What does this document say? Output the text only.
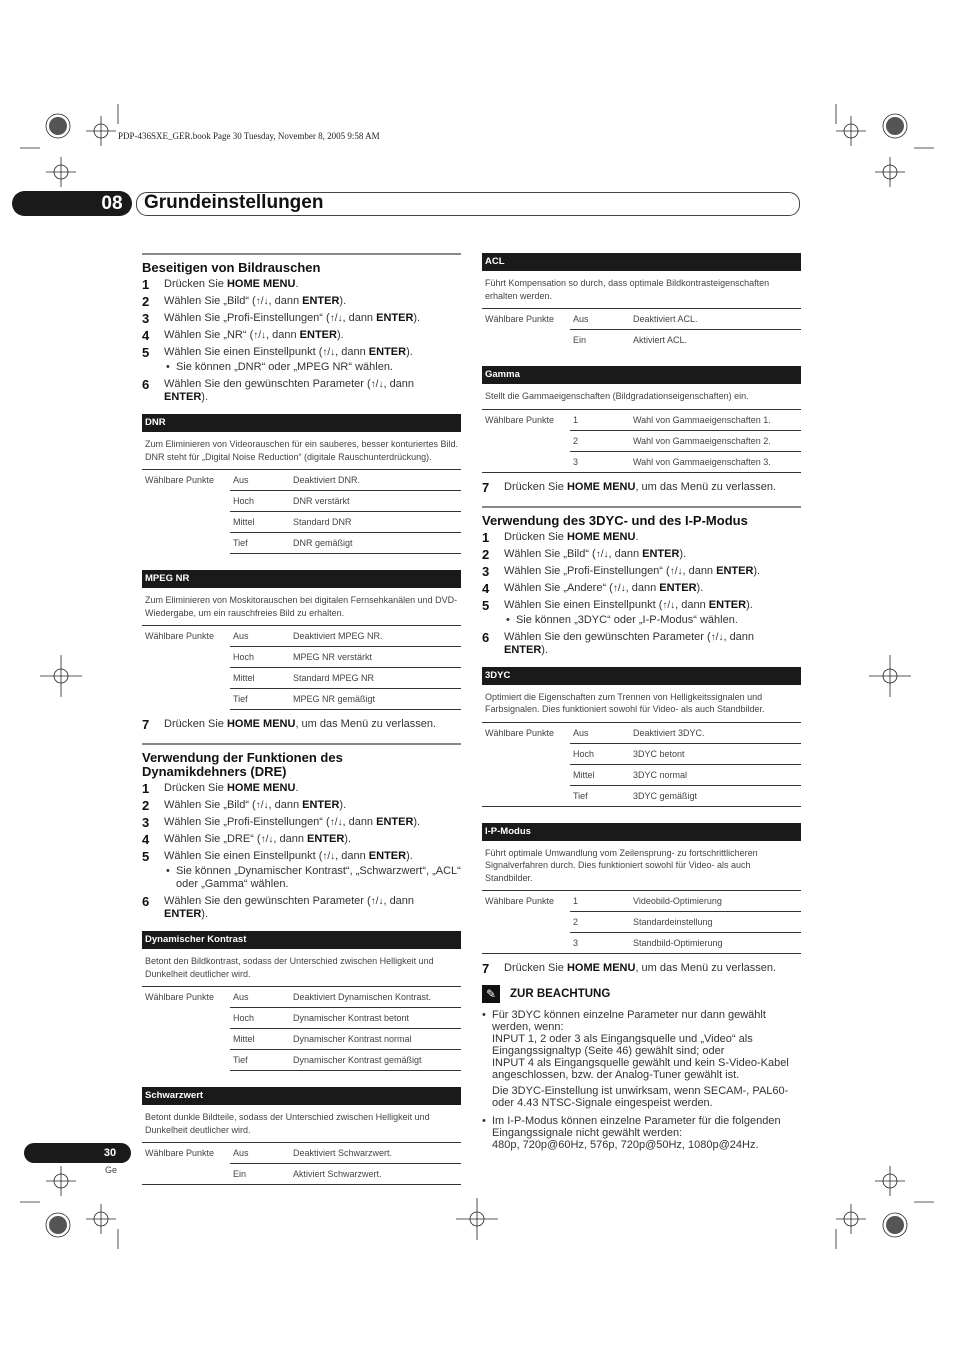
PDP-436SXE_GER.book Page 30 Tuesday, November 8, 2005 9:58 AM
08	Grundeinstellungen
Beseitigen von Bildrauschen
1	Drücken Sie HOME MENU.
2	Wählen Sie „Bild“ (↑/↓, dann ENTER).
3	Wählen Sie „Profi-Einstellungen“ (↑/↓, dann ENTER).
4	Wählen Sie „NR“ (↑/↓, dann ENTER).
5	Wählen Sie einen Einstellpunkt (↑/↓, dann ENTER).
•  Sie können „DNR“ oder „MPEG NR“ wählen.
6	Wählen Sie den gewünschten Parameter (↑/↓, dann ENTER).
DNR
Zum Eliminieren von Videorauschen für ein sauberes, besser konturiertes Bild. DNR steht für „Digital Noise Reduction“ (digitale Rauschunterdrückung).
Wählbare Punkte	Aus	Deaktiviert DNR.
Hoch	DNR verstärkt
Mittel	Standard DNR
Tief	DNR gemäßigt
MPEG NR
Zum Eliminieren von Moskitorauschen bei digitalen Fernsehkanälen und DVD-Wiedergabe, um ein rauschfreies Bild zu erhalten.
Wählbare Punkte	Aus	Deaktiviert MPEG NR.
Hoch	MPEG NR verstärkt
Mittel	Standard MPEG NR
Tief	MPEG NR gemäßigt
7	Drücken Sie HOME MENU, um das Menü zu verlassen.
Verwendung der Funktionen des
Dynamikdehners (DRE)
1	Drücken Sie HOME MENU.
2	Wählen Sie „Bild“ (↑/↓, dann ENTER).
3	Wählen Sie „Profi-Einstellungen“ (↑/↓, dann ENTER).
4	Wählen Sie „DRE“ (↑/↓, dann ENTER).
5	Wählen Sie einen Einstellpunkt (↑/↓, dann ENTER).
•  Sie können „Dynamischer Kontrast“, „Schwarzwert“, „ACL“ oder „Gamma“ wählen.
6	Wählen Sie den gewünschten Parameter (↑/↓, dann ENTER).
Dynamischer Kontrast
Betont den Bildkontrast, sodass der Unterschied zwischen Helligkeit und Dunkelheit deutlicher wird.
Wählbare Punkte	Aus	Deaktiviert Dynamischen Kontrast.
Hoch	Dynamischer Kontrast betont
Mittel	Dynamischer Kontrast normal
Tief	Dynamischer Kontrast gemäßigt
Schwarzwert
Betont dunkle Bildteile, sodass der Unterschied zwischen Helligkeit und Dunkelheit deutlicher wird.
Wählbare Punkte	Aus	Deaktiviert Schwarzwert.
Ein	Aktiviert Schwarzwert.
ACL
Führt Kompensation so durch, dass optimale Bildkontrasteigenschaften erhalten werden.
Wählbare Punkte	Aus	Deaktiviert ACL.
Ein	Aktiviert ACL.
Gamma
Stellt die Gammaeigenschaften (Bildgradationseigenschaften) ein.
Wählbare Punkte	1	Wahl von Gammaeigenschaften 1.
2	Wahl von Gammaeigenschaften 2.
3	Wahl von Gammaeigenschaften 3.
7	Drücken Sie HOME MENU, um das Menü zu verlassen.
Verwendung des 3DYC- und des I-P-Modus
1	Drücken Sie HOME MENU.
2	Wählen Sie „Bild“ (↑/↓, dann ENTER).
3	Wählen Sie „Profi-Einstellungen“ (↑/↓, dann ENTER).
4	Wählen Sie „Andere“ (↑/↓, dann ENTER).
5	Wählen Sie einen Einstellpunkt (↑/↓, dann ENTER).
•  Sie können „3DYC“ oder „I-P-Modus“ wählen.
6	Wählen Sie den gewünschten Parameter (↑/↓, dann ENTER).
3DYC
Optimiert die Eigenschaften zum Trennen von Helligkeitssignalen und Farbsignalen. Dies funktioniert sowohl für Video- als auch Standbilder.
Wählbare Punkte	Aus	Deaktiviert 3DYC.
Hoch	3DYC betont
Mittel	3DYC normal
Tief	3DYC gemäßigt
I-P-Modus
Führt optimale Umwandlung vom Zeilensprung- zu fortschrittlicheren Signalverfahren durch. Dies funktioniert sowohl für Video- als auch Standbilder.
Wählbare Punkte	1	Videobild-Optimierung
2	Standardeinstellung
3	Standbild-Optimierung
7	Drücken Sie HOME MENU, um das Menü zu verlassen.
✎	ZUR BEACHTUNG
•  Für 3DYC können einzelne Parameter nur dann gewählt werden, wenn:
INPUT 1, 2 oder 3 als Eingangsquelle und „Video“ als Eingangssignaltyp (Seite 46) gewählt sind; oder
INPUT 4 als Eingangsquelle gewählt und kein S-Video-Kabel angeschlossen, bzw. der Analog-Tuner gewählt ist.
Die 3DYC-Einstellung ist unwirksam, wenn SECAM-, PAL60- oder 4.43 NTSC-Signale eingespeist werden.
•  Im I-P-Modus können einzelne Parameter für die folgenden Eingangssignale nicht gewählt werden:
480p, 720p@60Hz, 576p, 720p@50Hz, 1080p@24Hz.
30
Ge
